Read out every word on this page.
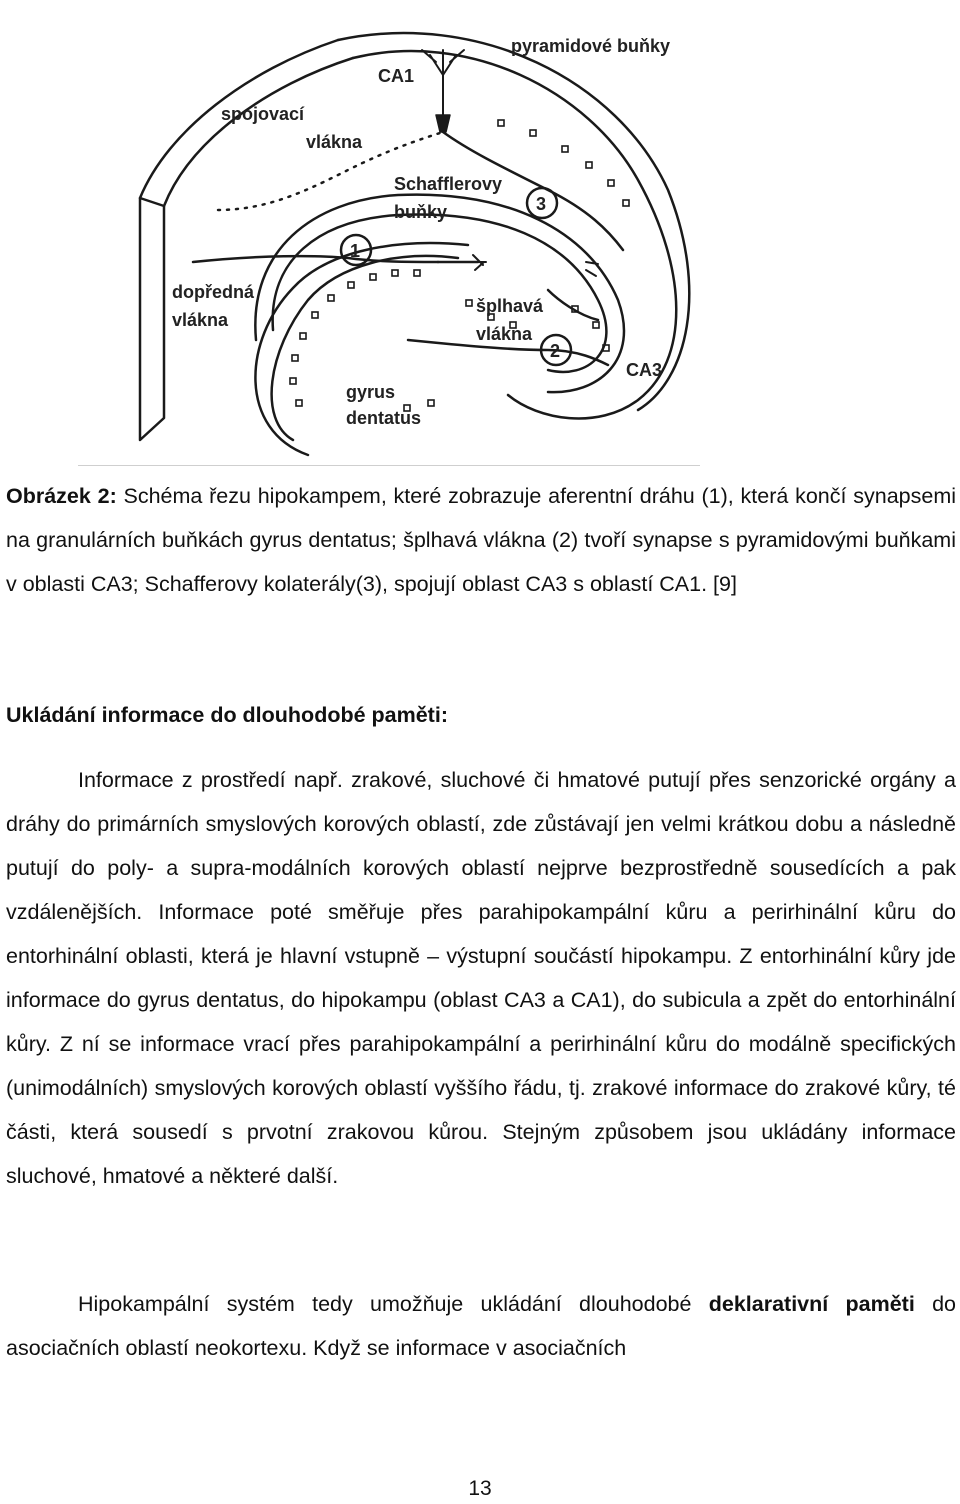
pyramidové buňky
CA1
spojovací
vlákna
Schafflerovy
buňky
dopředná
vlákna
šplhavá
vlákna
CA3
gyrus
dentatus
1
2
3

Obrázek 2: Schéma řezu hipokampem, které zobrazuje aferentní dráhu (1), která končí synapsemi na granulárních buňkách gyrus dentatus; šplhavá vlákna (2) tvoří synapse s pyramidovými buňkami v oblasti CA3; Schafferovy kolaterály(3), spojují oblast CA3 s oblastí CA1. [9]

Ukládání informace do dlouhodobé paměti:

Informace z prostředí např. zrakové, sluchové či hmatové putují přes senzorické orgány a dráhy do primárních smyslových korových oblastí, zde zůstávají jen velmi krátkou dobu a následně putují do poly- a supra-modálních korových oblastí nejprve bezprostředně sousedících a pak vzdálenějších. Informace poté směřuje přes parahipokampální kůru a perirhinální kůru do entorhinální oblasti, která je hlavní vstupně – výstupní součástí hipokampu. Z entorhinální kůry jde informace do gyrus dentatus, do hipokampu (oblast CA3 a CA1), do subicula a zpět do entorhinální kůry. Z ní se informace vrací přes parahipokampální a perirhinální kůru do modálně specifických (unimodálních) smyslových korových oblastí vyššího řádu, tj. zrakové informace do zrakové kůry, té části, která sousedí s prvotní zrakovou kůrou. Stejným způsobem jsou ukládány informace sluchové, hmatové a některé další.

Hipokampální systém tedy umožňuje ukládání dlouhodobé deklarativní paměti do asociačních oblastí neokortexu. Když se informace v asociačních

13
